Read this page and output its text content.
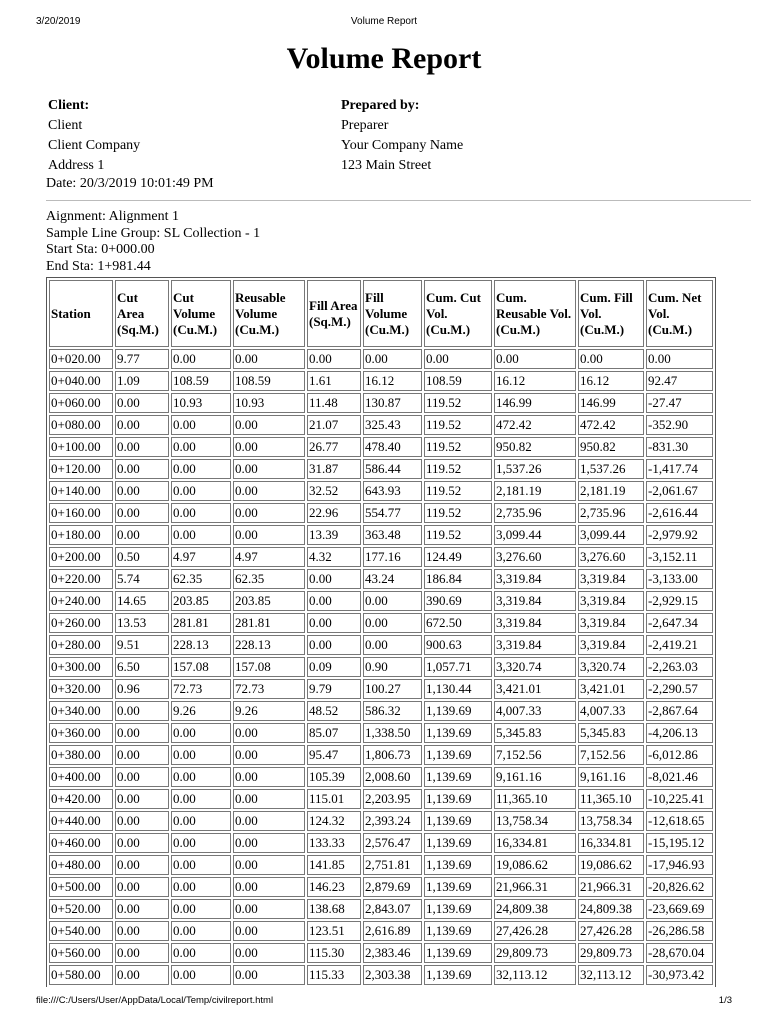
3/20/2019	Volume Report
Volume Report
Client:
Client
Client Company
Address 1
Prepared by:
Preparer
Your Company Name
123 Main Street
Date: 20/3/2019 10:01:49 PM
Aignment: Alignment 1
Sample Line Group: SL Collection - 1
Start Sta: 0+000.00
End Sta: 1+981.44
Station	Cut Area (Sq.M.)	Cut Volume (Cu.M.)	Reusable Volume (Cu.M.)	Fill Area (Sq.M.)	Fill Volume (Cu.M.)	Cum. Cut Vol. (Cu.M.)	Cum. Reusable Vol. (Cu.M.)	Cum. Fill Vol. (Cu.M.)	Cum. Net Vol. (Cu.M.)
0+020.00	9.77	0.00	0.00	0.00	0.00	0.00	0.00	0.00	0.00
0+040.00	1.09	108.59	108.59	1.61	16.12	108.59	16.12	16.12	92.47
0+060.00	0.00	10.93	10.93	11.48	130.87	119.52	146.99	146.99	-27.47
0+080.00	0.00	0.00	0.00	21.07	325.43	119.52	472.42	472.42	-352.90
0+100.00	0.00	0.00	0.00	26.77	478.40	119.52	950.82	950.82	-831.30
0+120.00	0.00	0.00	0.00	31.87	586.44	119.52	1,537.26	1,537.26	-1,417.74
0+140.00	0.00	0.00	0.00	32.52	643.93	119.52	2,181.19	2,181.19	-2,061.67
0+160.00	0.00	0.00	0.00	22.96	554.77	119.52	2,735.96	2,735.96	-2,616.44
0+180.00	0.00	0.00	0.00	13.39	363.48	119.52	3,099.44	3,099.44	-2,979.92
0+200.00	0.50	4.97	4.97	4.32	177.16	124.49	3,276.60	3,276.60	-3,152.11
0+220.00	5.74	62.35	62.35	0.00	43.24	186.84	3,319.84	3,319.84	-3,133.00
0+240.00	14.65	203.85	203.85	0.00	0.00	390.69	3,319.84	3,319.84	-2,929.15
0+260.00	13.53	281.81	281.81	0.00	0.00	672.50	3,319.84	3,319.84	-2,647.34
0+280.00	9.51	228.13	228.13	0.00	0.00	900.63	3,319.84	3,319.84	-2,419.21
0+300.00	6.50	157.08	157.08	0.09	0.90	1,057.71	3,320.74	3,320.74	-2,263.03
0+320.00	0.96	72.73	72.73	9.79	100.27	1,130.44	3,421.01	3,421.01	-2,290.57
0+340.00	0.00	9.26	9.26	48.52	586.32	1,139.69	4,007.33	4,007.33	-2,867.64
0+360.00	0.00	0.00	0.00	85.07	1,338.50	1,139.69	5,345.83	5,345.83	-4,206.13
0+380.00	0.00	0.00	0.00	95.47	1,806.73	1,139.69	7,152.56	7,152.56	-6,012.86
0+400.00	0.00	0.00	0.00	105.39	2,008.60	1,139.69	9,161.16	9,161.16	-8,021.46
0+420.00	0.00	0.00	0.00	115.01	2,203.95	1,139.69	11,365.10	11,365.10	-10,225.41
0+440.00	0.00	0.00	0.00	124.32	2,393.24	1,139.69	13,758.34	13,758.34	-12,618.65
0+460.00	0.00	0.00	0.00	133.33	2,576.47	1,139.69	16,334.81	16,334.81	-15,195.12
0+480.00	0.00	0.00	0.00	141.85	2,751.81	1,139.69	19,086.62	19,086.62	-17,946.93
0+500.00	0.00	0.00	0.00	146.23	2,879.69	1,139.69	21,966.31	21,966.31	-20,826.62
0+520.00	0.00	0.00	0.00	138.68	2,843.07	1,139.69	24,809.38	24,809.38	-23,669.69
0+540.00	0.00	0.00	0.00	123.51	2,616.89	1,139.69	27,426.28	27,426.28	-26,286.58
0+560.00	0.00	0.00	0.00	115.30	2,383.46	1,139.69	29,809.73	29,809.73	-28,670.04
0+580.00	0.00	0.00	0.00	115.33	2,303.38	1,139.69	32,113.12	32,113.12	-30,973.42
file:///C:/Users/User/AppData/Local/Temp/civilreport.html	1/3
